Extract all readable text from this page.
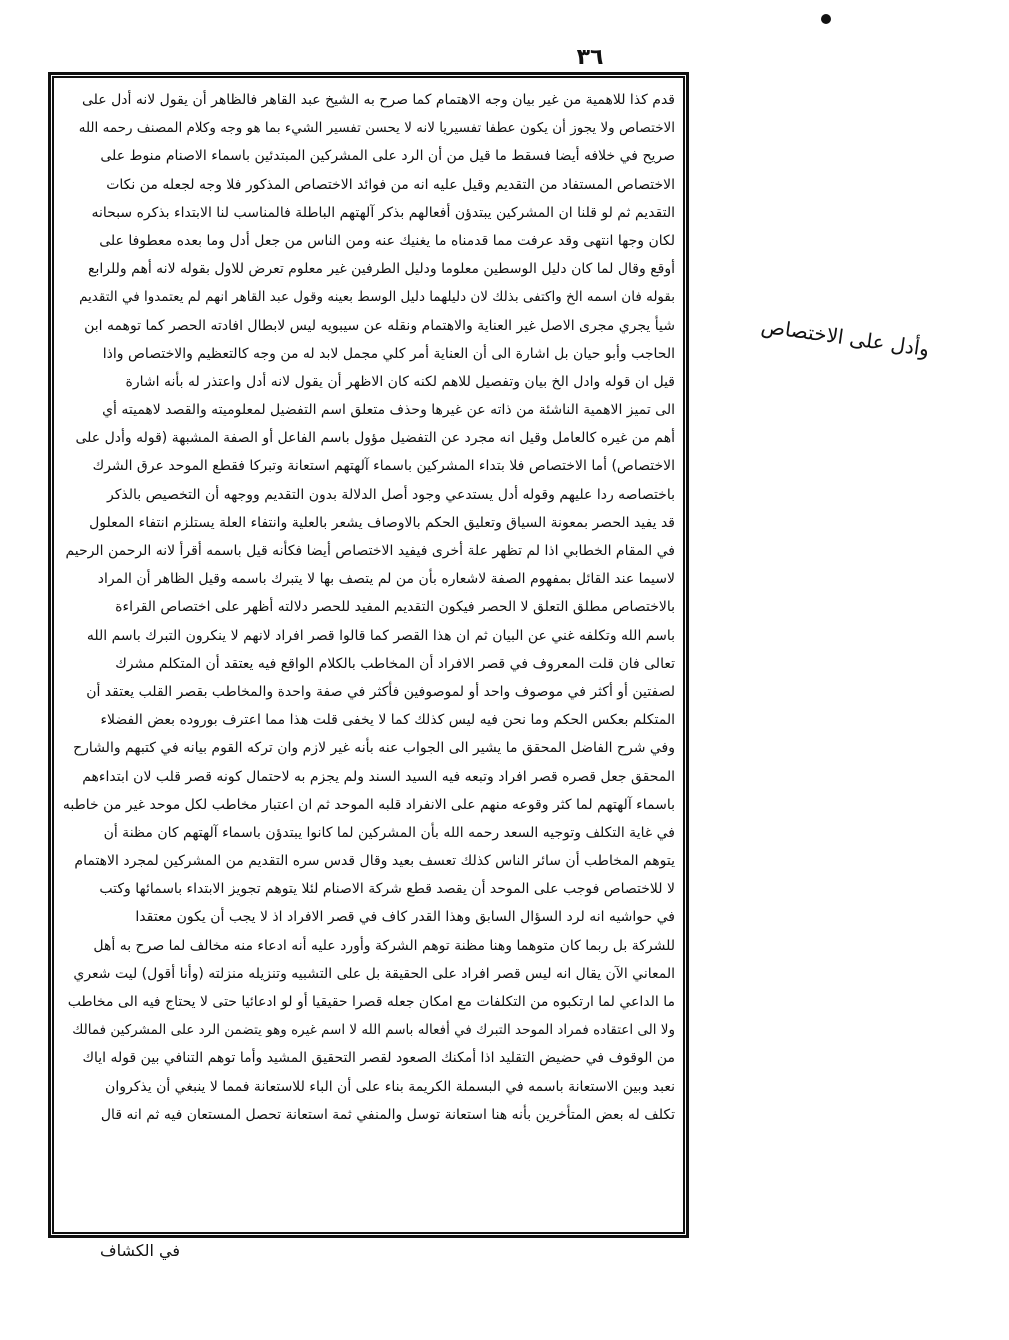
٣٦
قدم كذا للاهمية من غير بيان وجه الاهتمام كما صرح به الشيخ عبد القاهر فالظاهر أن يقول لانه أدل على
الاختصاص ولا يجوز أن يكون عطفا تفسيريا لانه لا يحسن تفسير الشيء بما هو وجه وكلام المصنف رحمه الله
صريح في خلافه أيضا فسقط ما قيل من أن الرد على المشركين المبتدئين باسماء الاصنام منوط على
الاختصاص المستفاد من التقديم وقيل عليه انه من فوائد الاختصاص المذكور فلا وجه لجعله من نكات
التقديم ثم لو قلنا ان المشركين يبتدؤن أفعالهم بذكر آلهتهم الباطلة فالمناسب لنا الابتداء بذكره سبحانه
لكان وجها انتهى وقد عرفت مما قدمناه ما يغنيك عنه ومن الناس من جعل أدل وما بعده معطوفا على
أوقع وقال لما كان دليل الوسطين معلوما ودليل الطرفين غير معلوم تعرض للاول بقوله لانه أهم وللرابع
بقوله فان اسمه الخ واكتفى بذلك لان دليلهما دليل الوسط بعينه وقول عبد القاهر انهم لم يعتمدوا في التقديم
شيأ يجري مجرى الاصل غير العناية والاهتمام ونقله عن سيبويه ليس لابطال افادته الحصر كما توهمه ابن
الحاجب وأبو حيان بل اشارة الى أن العناية أمر كلي مجمل لابد له من وجه كالتعظيم والاختصاص واذا
قيل ان قوله وادل الخ بيان وتفصيل للاهم لكنه كان الاظهر أن يقول لانه أدل واعتذر له بأنه اشارة
الى تميز الاهمية الناشئة من ذاته عن غيرها وحذف متعلق اسم التفضيل لمعلوميته والقصد لاهميته أي
أهم من غيره كالعامل وقيل انه مجرد عن التفضيل مؤول باسم الفاعل أو الصفة المشبهة (قوله وأدل على
الاختصاص) أما الاختصاص فلا بتداء المشركين باسماء آلهتهم استعانة وتبركا فقطع الموحد عرق الشرك
باختصاصه ردا عليهم وقوله أدل يستدعي وجود أصل الدلالة بدون التقديم ووجهه أن التخصيص بالذكر
قد يفيد الحصر بمعونة السياق وتعليق الحكم بالاوصاف يشعر بالعلية وانتفاء العلة يستلزم انتفاء المعلول
في المقام الخطابي اذا لم تظهر علة أخرى فيفيد الاختصاص أيضا فكأنه قيل باسمه أقرأ لانه الرحمن الرحيم
لاسيما عند القائل بمفهوم الصفة لاشعاره بأن من لم يتصف بها لا يتبرك باسمه وقيل الظاهر أن المراد
بالاختصاص مطلق التعلق لا الحصر فيكون التقديم المفيد للحصر دلالته أظهر على اختصاص القراءة
باسم الله وتكلفه غني عن البيان ثم ان هذا القصر كما قالوا قصر افراد لانهم لا ينكرون التبرك باسم الله
تعالى فان قلت المعروف في قصر الافراد أن المخاطب بالكلام الواقع فيه يعتقد أن المتكلم مشرك
لصفتين أو أكثر في موصوف واحد أو لموصوفين فأكثر في صفة واحدة والمخاطب بقصر القلب يعتقد أن
المتكلم بعكس الحكم وما نحن فيه ليس كذلك كما لا يخفى قلت هذا مما اعترف بوروده بعض الفضلاء
وفي شرح الفاضل المحقق ما يشير الى الجواب عنه بأنه غير لازم وان تركه القوم بيانه في كتبهم والشارح
المحقق جعل قصره قصر افراد وتبعه فيه السيد السند ولم يجزم به لاحتمال كونه قصر قلب لان ابتداءهم
باسماء آلهتهم لما كثر وقوعه منهم على الانفراد قلبه الموحد ثم ان اعتبار مخاطب لكل موحد غير من خاطبه
في غاية التكلف وتوجيه السعد رحمه الله بأن المشركين لما كانوا يبتدؤن باسماء آلهتهم كان مظنة أن
يتوهم المخاطب أن سائر الناس كذلك تعسف بعيد وقال قدس سره التقديم من المشركين لمجرد الاهتمام
لا للاختصاص فوجب على الموحد أن يقصد قطع شركة الاصنام لئلا يتوهم تجويز الابتداء باسمائها وكتب
في حواشيه انه لرد السؤال السابق وهذا القدر كاف في قصر الافراد اذ لا يجب أن يكون معتقدا
للشركة بل ربما كان متوهما وهنا مظنة توهم الشركة وأورد عليه أنه ادعاء منه مخالف لما صرح به أهل
المعاني الآن يقال انه ليس قصر افراد على الحقيقة بل على التشبيه وتنزيله منزلته (وأنا أقول) ليت شعري
ما الداعي لما ارتكبوه من التكلفات مع امكان جعله قصرا حقيقيا أو لو ادعائيا حتى لا يحتاج فيه الى مخاطب
ولا الى اعتقاده فمراد الموحد التبرك في أفعاله باسم الله لا اسم غيره وهو يتضمن الرد على المشركين فمالك
من الوقوف في حضيض التقليد اذا أمكنك الصعود لقصر التحقيق المشيد وأما توهم التنافي بين قوله اياك
نعبد وبين الاستعانة باسمه في البسملة الكريمة بناء على أن الباء للاستعانة فمما لا ينبغي أن يذكروان
تكلف له بعض المتأخرين بأنه هنا استعانة توسل والمنفي ثمة استعانة تحصل المستعان فيه ثم انه قال
وأدل على الاختصاص
في الكشاف
